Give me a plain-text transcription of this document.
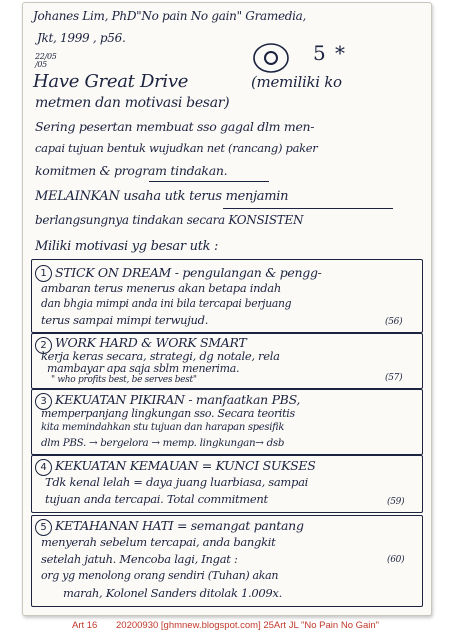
Johanes Lim, PhD"No pain No gain" Gramedia,
Jkt, 1999 , p56.
22/05 /05	5 *
Have Great Drive	(memiliki ko
metmen dan motivasi besar)
Sering pesertan membuat sso gagal dlm men-
capai tujuan bentuk wujudkan net (rancang) paker
komitmen & program tindakan.
MELAINKAN usaha utk terus menjamin
berlangsungnya tindakan secara KONSISTEN
Miliki motivasi yg besar utk :
1 STICK ON DREAM - pengulangan & pengg-
ambaran terus menerus akan betapa indah
dan bhgia mimpi anda ini bila tercapai berjuang
terus sampai mimpi terwujud.	(56)
2 WORK HARD & WORK SMART
kerja keras secara, strategi, dg notale, rela
mambayar apa saja sblm menerima.
" who profits best, be serves best"	(57)
3 KEKUATAN PIKIRAN - manfaatkan PBS,
memperpanjang lingkungan sso. Secara teoritis
kita memindahkan stu tujuan dan harapan spesifik
dlm PBS. → bergelora → memp. lingkungan→ dsb
4 KEKUATAN KEMAUAN = KUNCI SUKSES
Tdk kenal lelah = daya juang luarbiasa, sampai
tujuan anda tercapai. Total commitment	(59)
5 KETAHANAN HATI = semangat pantang
menyerah sebelum tercapai, anda bangkit
setelah jatuh. Mencoba lagi, Ingat :
org yg menolong orang sendiri (Tuhan) akan
marah, Kolonel Sanders ditolak 1.009x.
(60)
Art 16 20200930 [ghmnew.blogspot.com] 25Art JL "No Pain No Gain"
